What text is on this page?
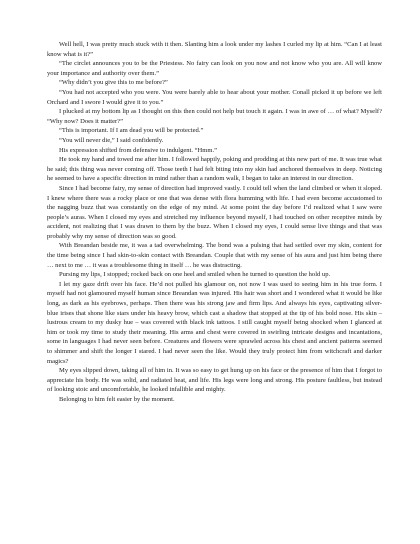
Well hell, I was pretty much stuck with it then. Slanting him a look under my lashes I curled my lip at him. “Can I at least know what is it?”

“The circlet announces you to be the Priestess. No fairy can look on you now and not know who you are. All will know your importance and authority over them.”

“Why didn’t you give this to me before?”

“You had not accepted who you were. You were barely able to hear about your mother. Conall picked it up before we left Orchard and I swore I would give it to you.”

I plucked at my bottom lip as I thought on this then could not help but touch it again. I was in awe of … of what? Myself? “Why now? Does it matter?”

“This is important. If I am dead you will be protected.”

“You will never die,” I said confidently.

His expression shifted from defensive to indulgent. “Hmm.”

He took my hand and towed me after him. I followed happily, poking and prodding at this new part of me. It was true what he said; this thing was never coming off. Those teeth I had felt biting into my skin had anchored themselves in deep. Noticing he seemed to have a specific direction in mind rather than a random walk, I began to take an interest in our direction.

Since I had become fairy, my sense of direction had improved vastly. I could tell when the land climbed or when it sloped. I knew where there was a rocky place or one that was dense with flora humming with life. I had even become accustomed to the nagging buzz that was constantly on the edge of my mind. At some point the day before I’d realized what I saw were people’s auras. When I closed my eyes and stretched my influence beyond myself, I had touched on other receptive minds by accident, not realizing that I was drawn to them by the buzz. When I closed my eyes, I could sense live things and that was probably why my sense of direction was so good.

With Breandan beside me, it was a tad overwhelming. The bond was a pulsing that had settled over my skin, content for the time being since I had skin-to-skin contact with Breandan. Couple that with my sense of his aura and just him being there … next to me … it was a troublesome thing in itself … he was distracting.

Pursing my lips, I stopped; rocked back on one heel and smiled when he turned to question the hold up.

I let my gaze drift over his face. He’d not pulled his glamour on, not now I was used to seeing him in his true form. I myself had not glamoured myself human since Breandan was injured. His hair was short and I wondered what it would be like long, as dark as his eyebrows, perhaps. Then there was his strong jaw and firm lips. And always his eyes, captivating silver-blue irises that shone like stars under his heavy brow, which cast a shadow that stopped at the tip of his bold nose. His skin –lustrous cream to my dusky hue – was covered with black ink tattoos. I still caught myself being shocked when I glanced at him or took my time to study their meaning. His arms and chest were covered in swirling intricate designs and incantations, some in languages I had never seen before. Creatures and flowers were sprawled across his chest and ancient patterns seemed to shimmer and shift the longer I stared. I had never seen the like. Would they truly protect him from witchcraft and darker magics?

My eyes slipped down, taking all of him in. It was so easy to get hung up on his face or the presence of him that I forgot to appreciate his body. He was solid, and radiated heat, and life. His legs were long and strong. His posture faultless, but instead of looking stoic and uncomfortable, he looked infallible and mighty.

Belonging to him felt easier by the moment.
